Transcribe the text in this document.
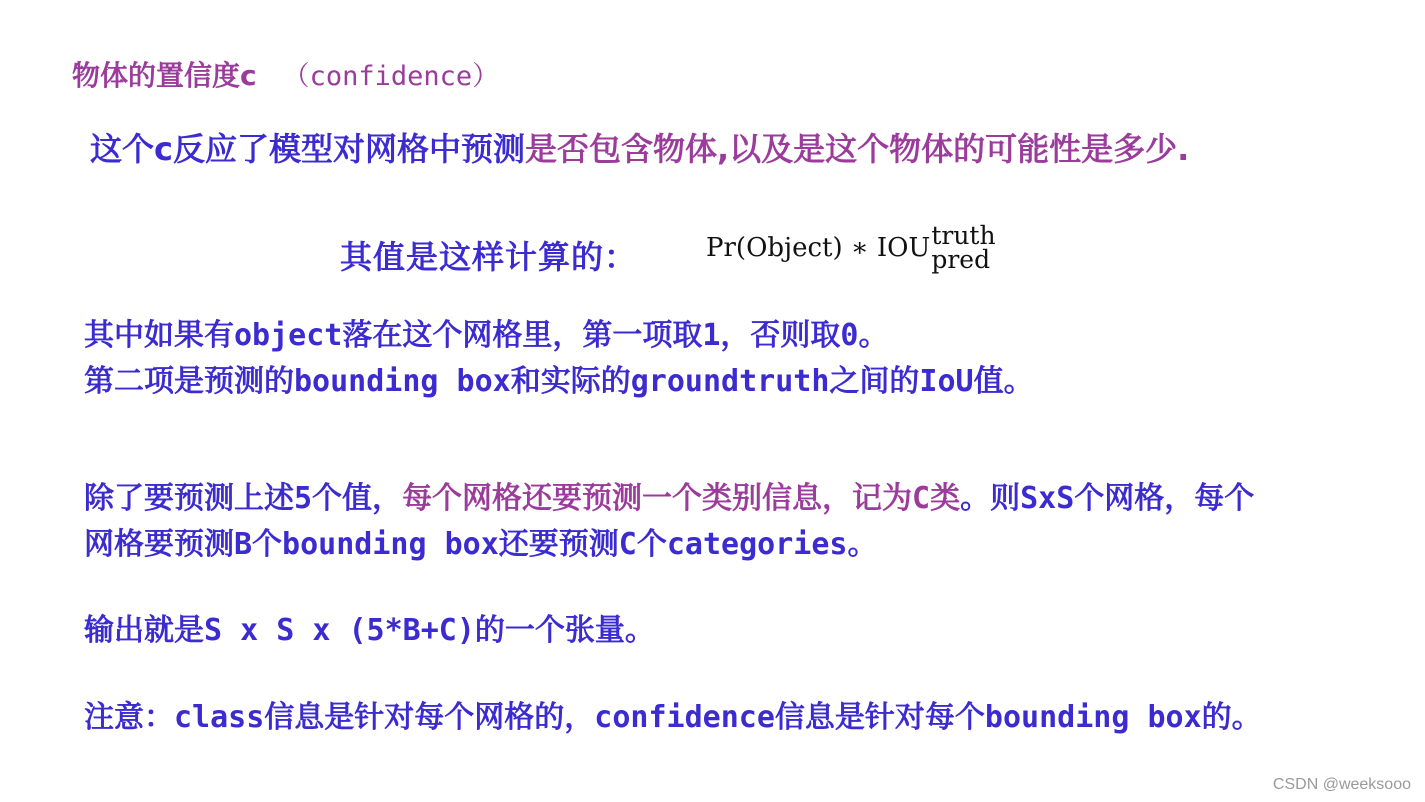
物体的置信度c （confidence）
这个c反应了模型对网格中预测是否包含物体,以及是这个物体的可能性是多少.
其值是这样计算的：	Pr(Object) ∗ IOU truth
pred
其中如果有object落在这个网格里，第一项取1，否则取0。
第二项是预测的bounding box和实际的groundtruth之间的IoU值。
除了要预测上述5个值，每个网格还要预测一个类别信息，记为C类。则SxS个网格，每个
网格要预测B个bounding box还要预测C个categories。
输出就是S x S x (5*B+C)的一个张量。
注意：class信息是针对每个网格的，confidence信息是针对每个bounding box的。
CSDN @weeksooo
